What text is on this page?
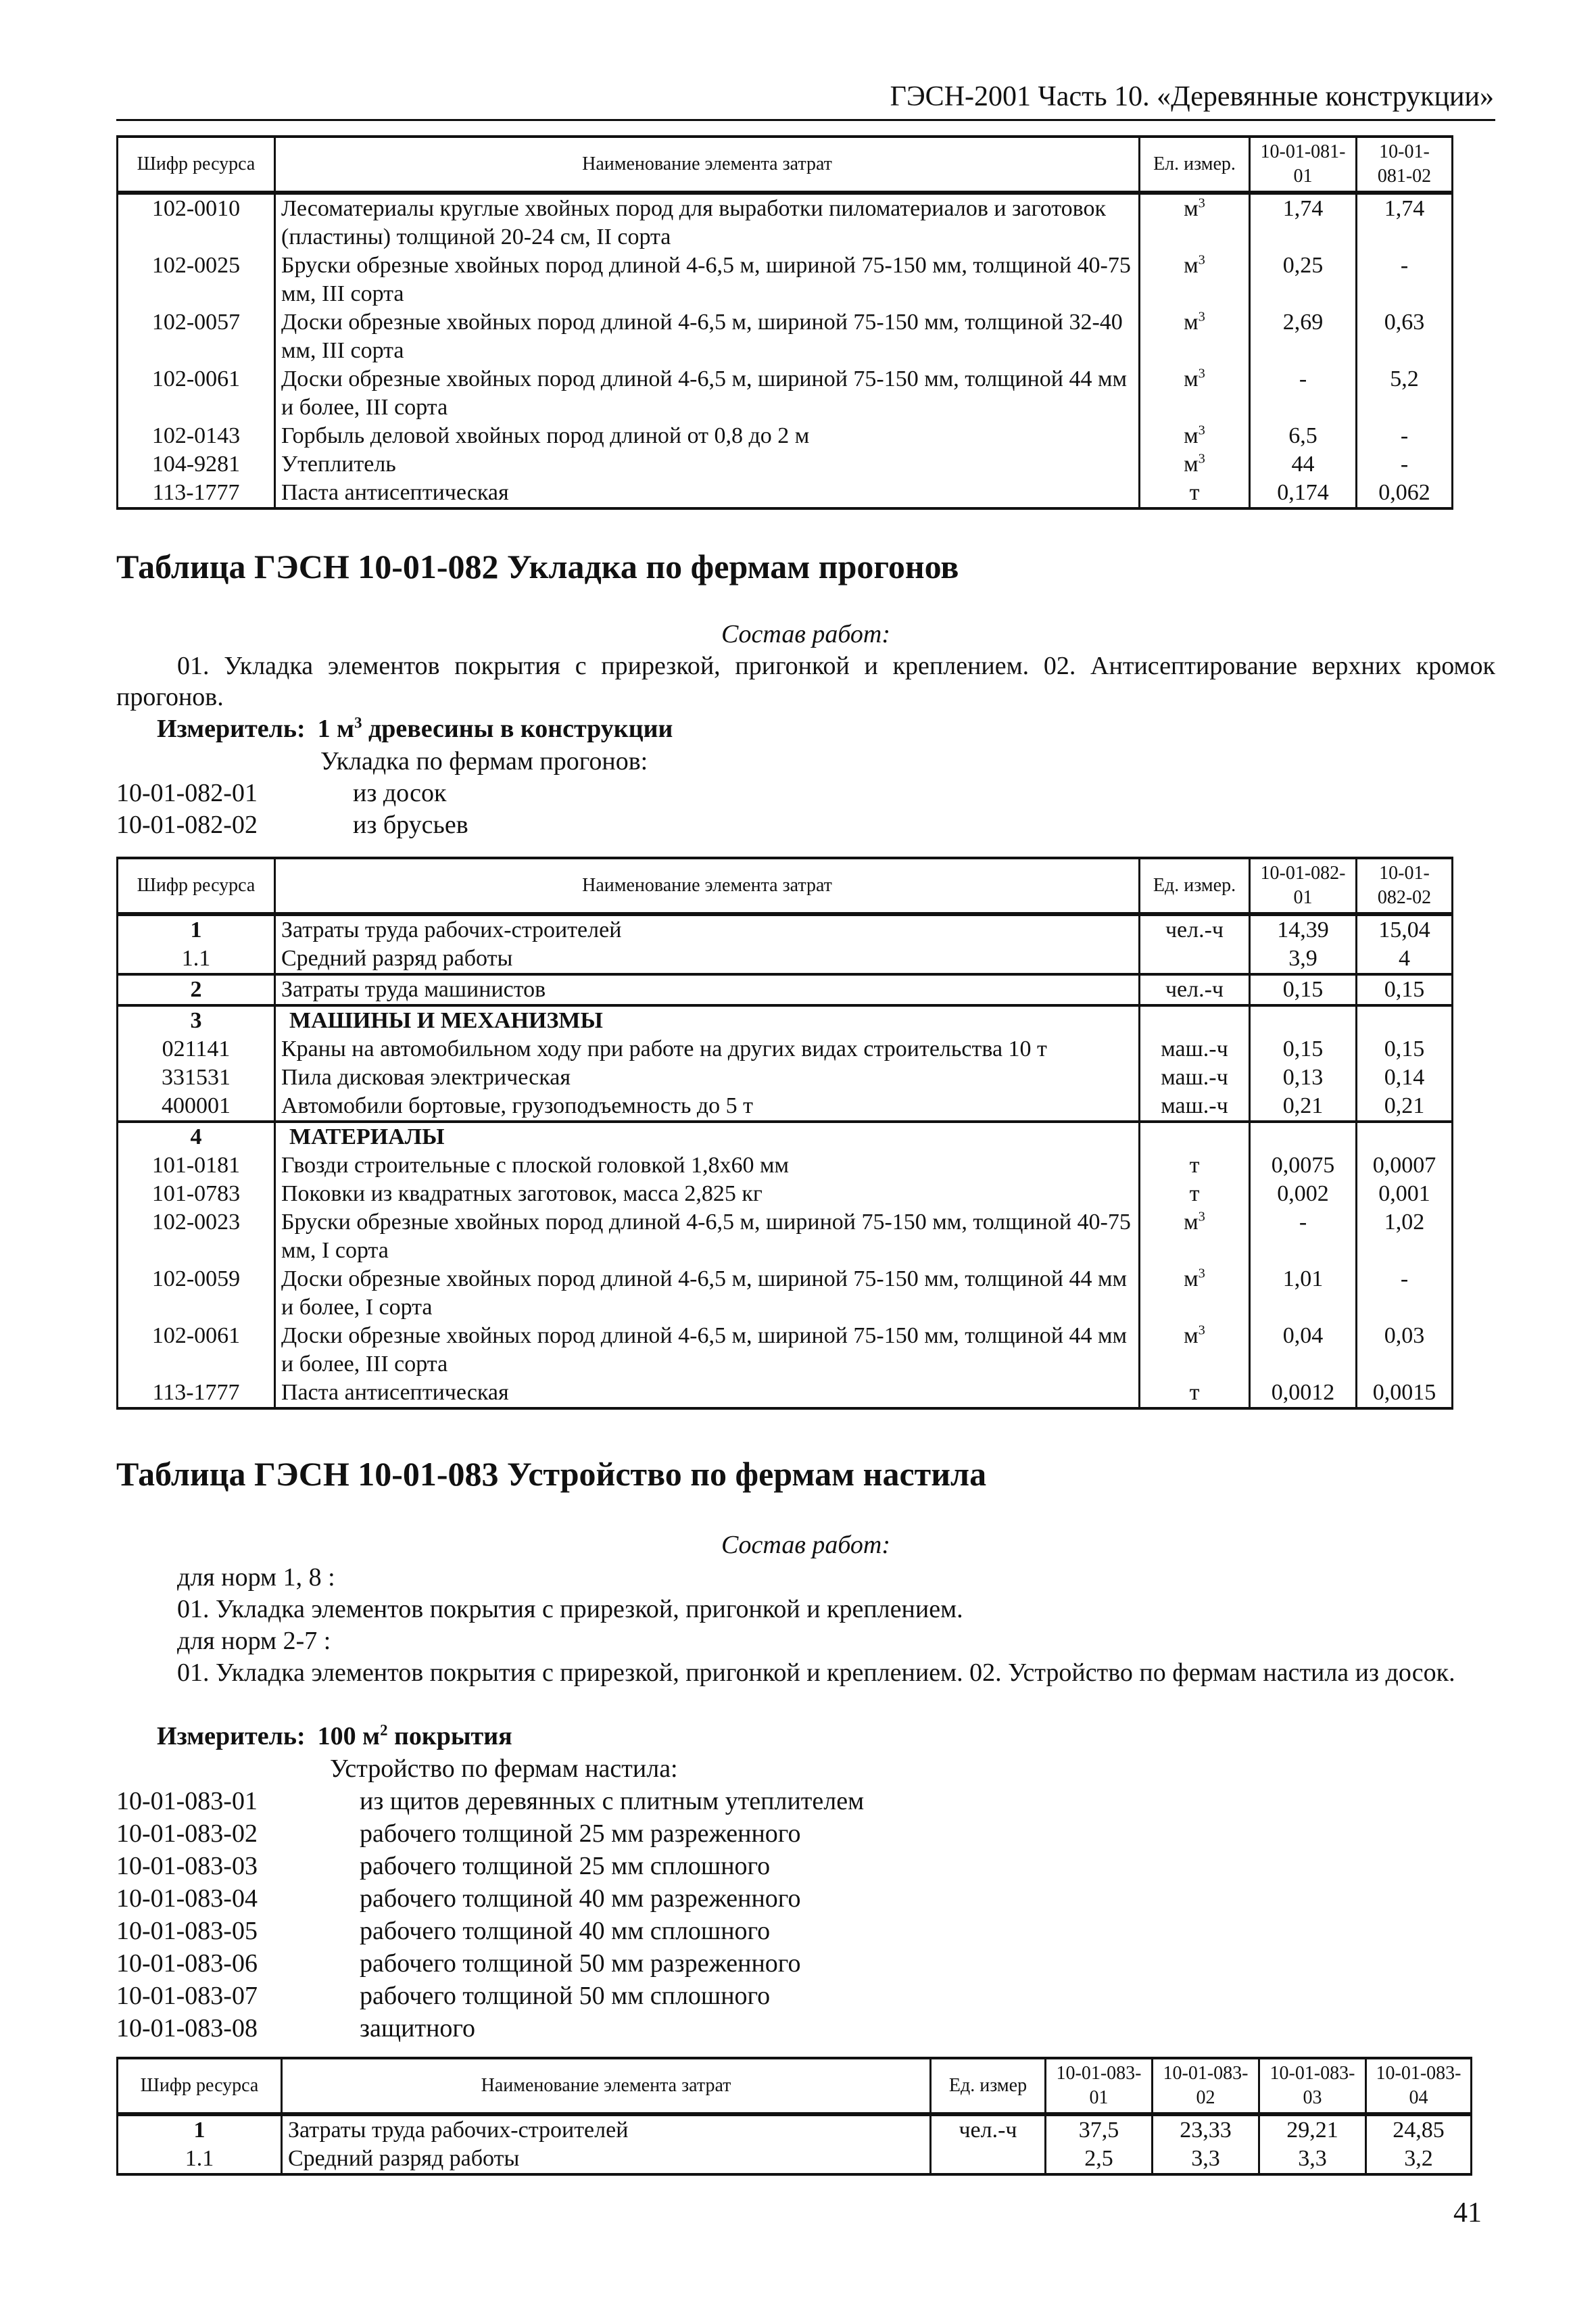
ГЭСН-2001 Часть 10. «Деревянные конструкции»
Шифр ресурса	Наименование элемента затрат	Ел. измер.	10-01-081-01	10-01-081-02
102-0010	Лесоматериалы круглые хвойных пород для выработки пиломатериалов и заготовок (пластины) толщиной 20-24 см, II сорта	$м^3$	1,74	1,74
102-0025	Бруски обрезные хвойных пород длиной 4-6,5 м, шириной 75-150 мм, толщиной 40-75 мм, III сорта	$м^3$	0,25	-
102-0057	Доски обрезные хвойных пород длиной 4-6,5 м, шириной 75-150 мм, толщиной 32-40 мм, III сорта	$м^3$	2,69	0,63
102-0061	Доски обрезные хвойных пород длиной 4-6,5 м, шириной 75-150 мм, толщиной 44 мм и более, III сорта	$м^3$	-	5,2
102-0143	Горбыль деловой хвойных пород длиной от 0,8 до 2 м	$м^3$	6,5	-
104-9281	Утеплитель	$м^3$	44	-
113-1777	Паста антисептическая	т	0,174	0,062
Таблица ГЭСН 10-01-082 Укладка по фермам прогонов
Состав работ:
01. Укладка элементов покрытия с прирезкой, пригонкой и креплением. 02. Антисептирование верхних кромок прогонов.
Измеритель: 1 $м^3$ древесины в конструкции
Укладка по фермам прогонов:
10-01-082-01	из досок
10-01-082-02	из брусьев
Шифр ресурса	Наименование элемента затрат	Ед. измер.	10-01-082-01	10-01-082-02
1	Затраты труда рабочих-строителей	чел.-ч	14,39	15,04
1.1	Средний разряд работы		3,9	4
2	Затраты труда машинистов	чел.-ч	0,15	0,15
3	МАШИНЫ И МЕХАНИЗМЫ			
021141	Краны на автомобильном ходу при работе на других видах строительства 10 т	маш.-ч	0,15	0,15
331531	Пила дисковая электрическая	маш.-ч	0,13	0,14
400001	Автомобили бортовые, грузоподъемность до 5 т	маш.-ч	0,21	0,21
4	МАТЕРИАЛЫ			
101-0181	Гвозди строительные с плоской головкой 1,8x60 мм	т	0,0075	0,0007
101-0783	Поковки из квадратных заготовок, масса 2,825 кг	т	0,002	0,001
102-0023	Бруски обрезные хвойных пород длиной 4-6,5 м, шириной 75-150 мм, толщиной 40-75 мм, I сорта	$м^3$	-	1,02
102-0059	Доски обрезные хвойных пород длиной 4-6,5 м, шириной 75-150 мм, толщиной 44 мм и более, I сорта	$м^3$	1,01	-
102-0061	Доски обрезные хвойных пород длиной 4-6,5 м, шириной 75-150 мм, толщиной 44 мм и более, III сорта	$м^3$	0,04	0,03
113-1777	Паста антисептическая	т	0,0012	0,0015
Таблица ГЭСН 10-01-083 Устройство по фермам настила
Состав работ:
для норм 1, 8 :
01. Укладка элементов покрытия с прирезкой, пригонкой и креплением.
для норм 2-7 :
01. Укладка элементов покрытия с прирезкой, пригонкой и креплением. 02. Устройство по фермам настила из досок.
Измеритель: 100 $м^2$ покрытия
Устройство по фермам настила:
10-01-083-01	из щитов деревянных с плитным утеплителем
10-01-083-02	рабочего толщиной 25 мм разреженного
10-01-083-03	рабочего толщиной 25 мм сплошного
10-01-083-04	рабочего толщиной 40 мм разреженного
10-01-083-05	рабочего толщиной 40 мм сплошного
10-01-083-06	рабочего толщиной 50 мм разреженного
10-01-083-07	рабочего толщиной 50 мм сплошного
10-01-083-08	защитного
Шифр ресурса	Наименование элемента затрат	Ед. измер	10-01-083-01	10-01-083-02	10-01-083-03	10-01-083-04
1	Затраты труда рабочих-строителей	чел.-ч	37,5	23,33	29,21	24,85
1.1	Средний разряд работы		2,5	3,3	3,3	3,2
41
